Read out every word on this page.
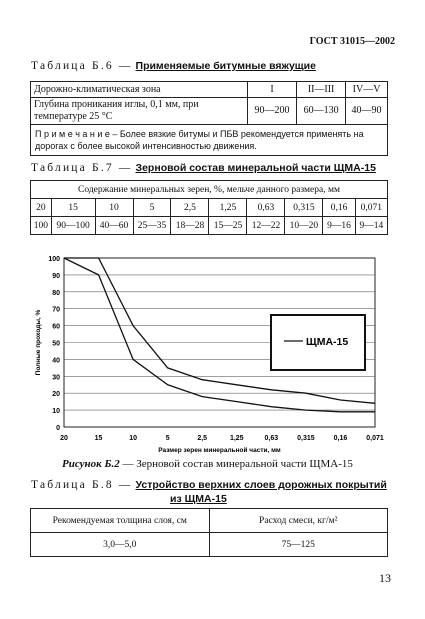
ГОСТ 31015—2002
Таблица Б.6 — Применяемые битумные вяжущие
Дорожно-климатическая зона	I	II—III	IV—V
Глубина проникания иглы, 0,1 мм, при температуре 25 °С	90—200	60—130	40—90
П р и м е ч а н и е – Более вязкие битумы и ПБВ рекомендуется применять на дорогах с более высокой интенсивностью движения.			
Таблица Б.7 — Зерновой состав минеральной части ЩМА-15
Содержание минеральных зерен, %, мельче данного размера, мм									
20	15	10	5	2,5	1,25	0,63	0,315	0,16	0,071
100	90—100	40—60	25—35	18—28	15—25	12—22	10—20	9—16	9—14
0
10
20
30
40
50
60
70
80
90
100
20	15	10	5	2,5	1,25	0,63	0,315	0,16	0,071
Размер зерен минеральной части, мм
Полные проходы, %	ЩМА-15
Рисунок Б.2 — Зерновой состав минеральной части ЩМА-15
Таблица Б.8 — Устройство верхних слоев дорожных покрытий
из ЩМА-15
Рекомендуемая толщина слоя, см	Расход смеси, кг/м²
3,0—5,0	75—125
13
